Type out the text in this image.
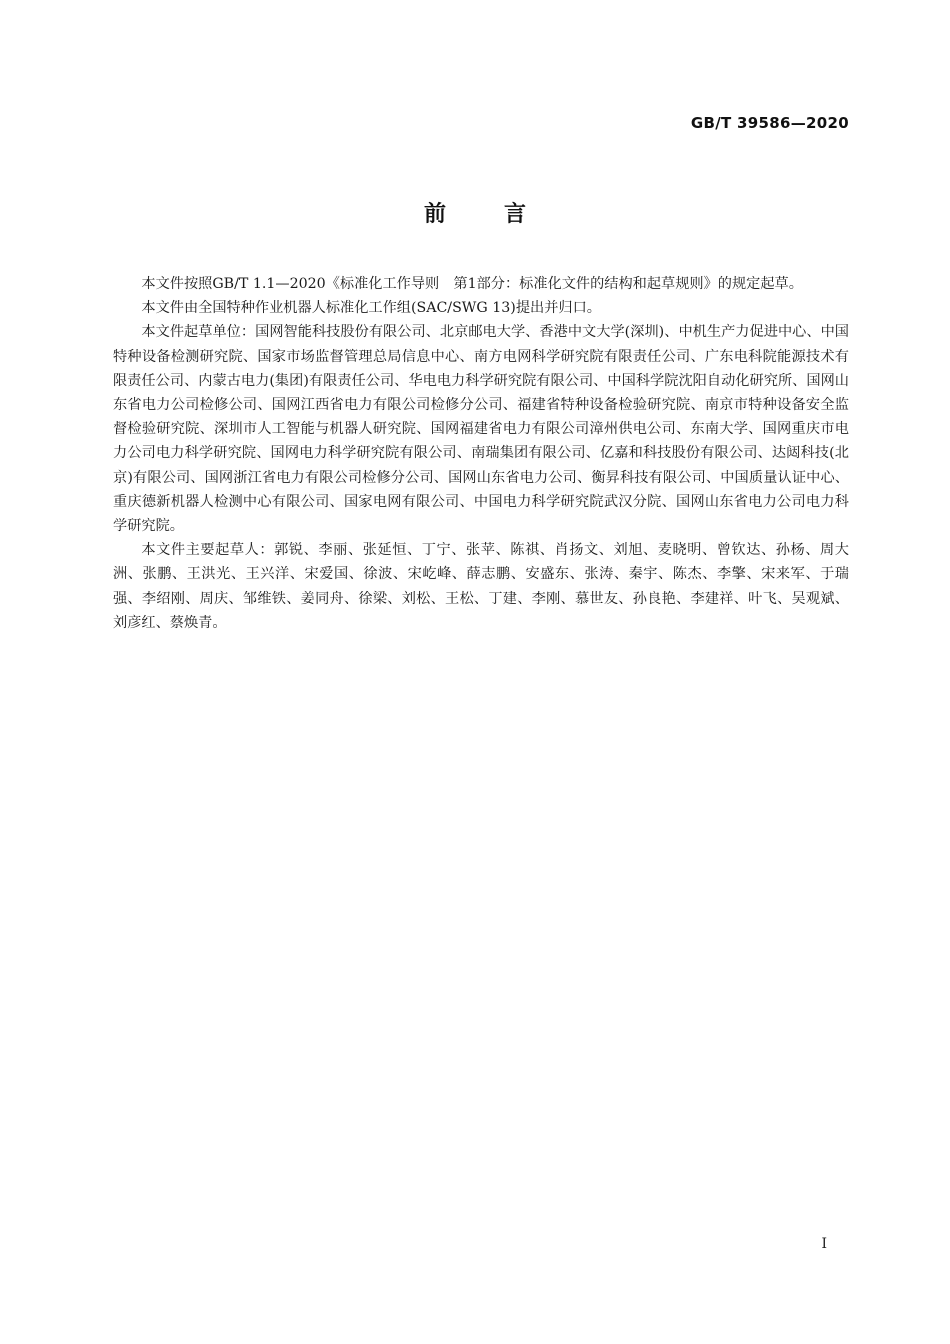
GB/T 39586—2020
前言

本文件按照GB/T 1.1—2020《标准化工作导则　第1部分：标准化文件的结构和起草规则》的规定起草。

本文件由全国特种作业机器人标准化工作组(SAC/SWG 13)提出并归口。

本文件起草单位：国网智能科技股份有限公司、北京邮电大学、香港中文大学(深圳)、中机生产力促进中心、中国特种设备检测研究院、国家市场监督管理总局信息中心、南方电网科学研究院有限责任公司、广东电科院能源技术有限责任公司、内蒙古电力(集团)有限责任公司、华电电力科学研究院有限公司、中国科学院沈阳自动化研究所、国网山东省电力公司检修公司、国网江西省电力有限公司检修分公司、福建省特种设备检验研究院、南京市特种设备安全监督检验研究院、深圳市人工智能与机器人研究院、国网福建省电力有限公司漳州供电公司、东南大学、国网重庆市电力公司电力科学研究院、国网电力科学研究院有限公司、南瑞集团有限公司、亿嘉和科技股份有限公司、达闼科技(北京)有限公司、国网浙江省电力有限公司检修分公司、国网山东省电力公司、衡昇科技有限公司、中国质量认证中心、重庆德新机器人检测中心有限公司、国家电网有限公司、中国电力科学研究院武汉分院、国网山东省电力公司电力科学研究院。

本文件主要起草人：郭锐、李丽、张延恒、丁宁、张苹、陈祺、肖扬文、刘旭、麦晓明、曾钦达、孙杨、周大洲、张鹏、王洪光、王兴洋、宋爱国、徐波、宋屹峰、薛志鹏、安盛东、张涛、秦宇、陈杰、李擎、宋来军、于瑞强、李绍刚、周庆、邹维铁、姜同舟、徐梁、刘松、王松、丁建、李刚、慕世友、孙良艳、李建祥、叶飞、吴观斌、刘彦红、蔡焕青。

I
